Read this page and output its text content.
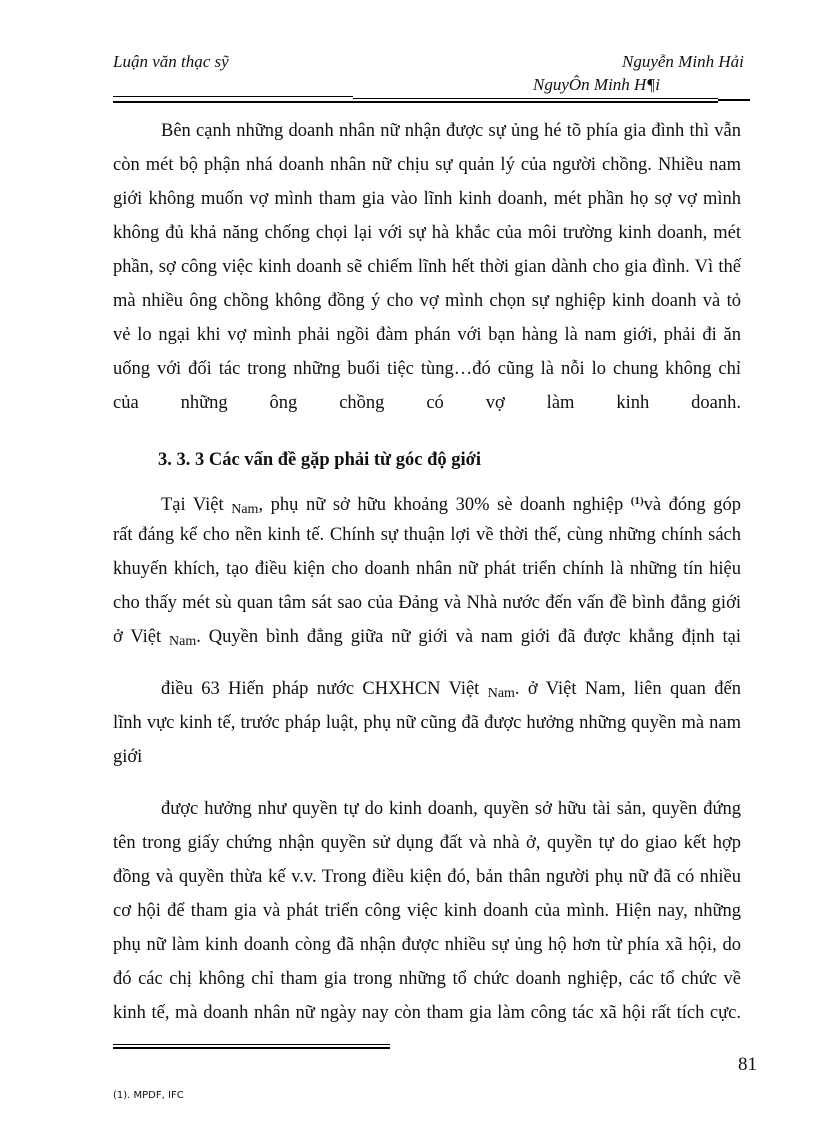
Luận văn thạc sỹ	Nguyễn Minh Hải
NguyÔn Minh H¶i
Bên cạnh những doanh nhân nữ nhận được sự ủng hé tõ phía gia đình thì vẫn
còn mét bộ phận nhá doanh nhân nữ chịu sự quản lý của người chồng. Nhiều nam
giới không muốn vợ mình tham gia vào lĩnh kinh doanh, mét phần họ sợ vợ mình
không đủ khả năng chống chọi lại với sự hà khắc của môi trường kinh doanh, mét
phần, sợ công việc kinh doanh sẽ chiếm lĩnh hết thời gian dành cho gia đình. Vì thế
mà nhiều ông chồng không đồng ý cho vợ mình chọn sự nghiệp kinh doanh và tỏ
vẻ lo ngại khi vợ mình phải ngồi đàm phán với bạn hàng là nam giới, phải đi ăn
uống với đối tác trong những buổi tiệc tùng…đó cũng là nỗi lo chung không chỉ
của những ông chồng có vợ làm kinh doanh.
3. 3. 3 Các vấn đề gặp phải từ góc độ giới
Tại Việt $_{Nam}$, phụ nữ sở hữu khoảng 30% sè doanh nghiệp $^{(1)}$và đóng góp
rất đáng kể cho nền kinh tế. Chính sự thuận lợi về thời thế, cùng những chính sách
khuyến khích, tạo điều kiện cho doanh nhân nữ phát triển chính là những tín hiệu
cho thấy mét sù quan tâm sát sao của Đảng và Nhà nước đến vấn đề bình đẳng giới
ở Việt $_{Nam}$. Quyền bình đẳng giữa nữ giới và nam giới đã được khẳng định tại
điều 63 Hiến pháp nước CHXHCN Việt $_{Nam}$. ở Việt Nam, liên quan đến
lĩnh vực kinh tế, trước pháp luật, phụ nữ cũng đã được hưởng những quyền mà nam
giới
được hưởng như quyền tự do kinh doanh, quyền sở hữu tài sản, quyền đứng
tên trong giấy chứng nhận quyền sử dụng đất và nhà ở, quyền tự do giao kết hợp
đồng và quyền thừa kế v.v. Trong điều kiện đó, bản thân người phụ nữ đã có nhiều
cơ hội để tham gia và phát triển công việc kinh doanh của mình. Hiện nay, những
phụ nữ làm kinh doanh còng đã nhận được nhiều sự ủng hộ hơn từ phía xã hội, do
đó các chị không chỉ tham gia trong những tổ chức doanh nghiệp, các tổ chức về
kinh tế, mà doanh nhân nữ ngày nay còn tham gia làm công tác xã hội rất tích cực.
81
(1). MPDF, IFC
